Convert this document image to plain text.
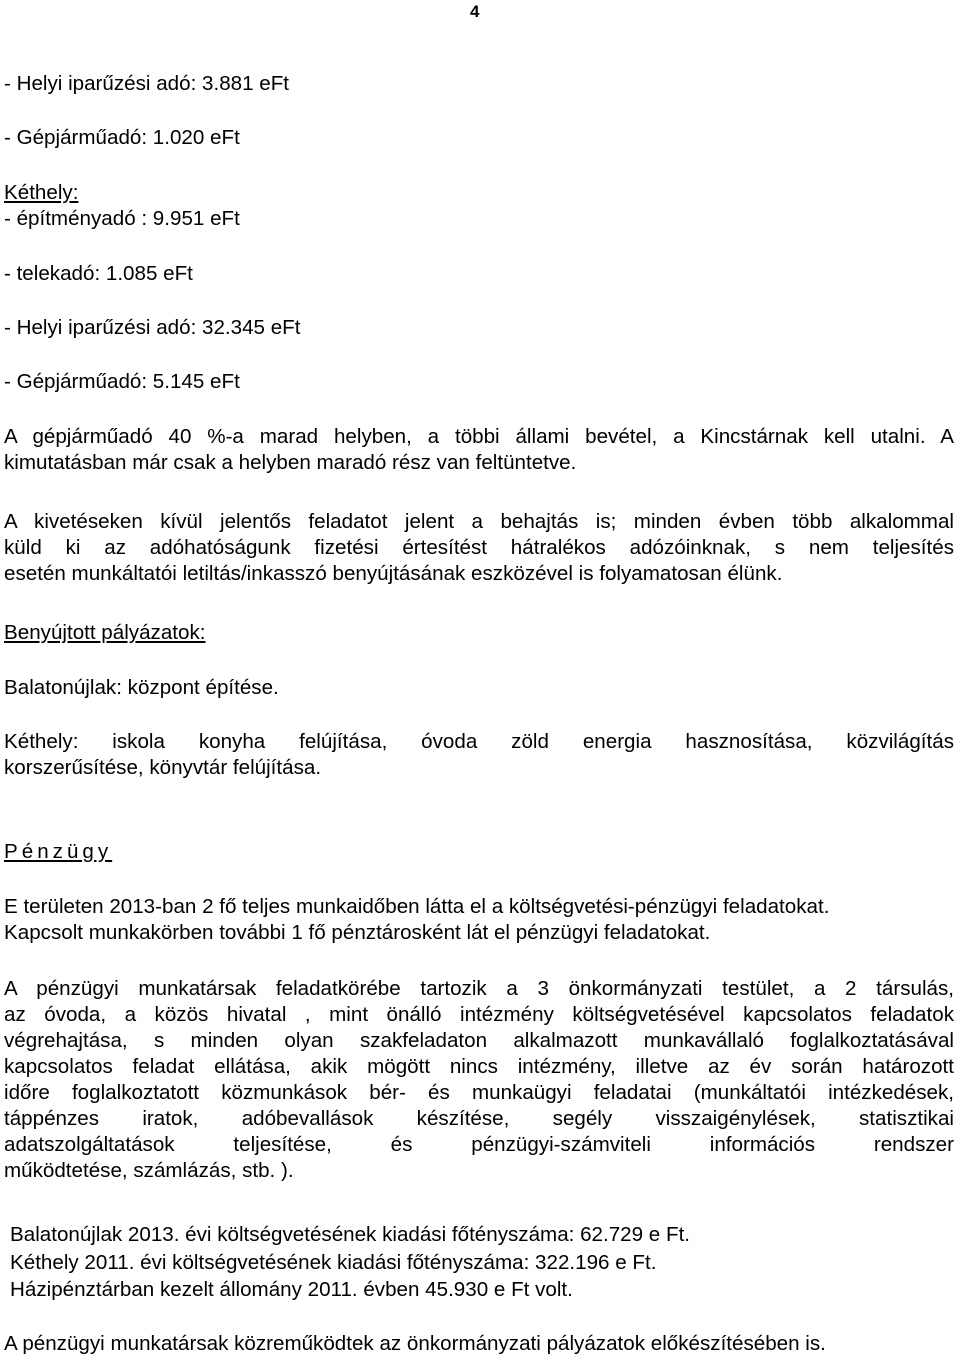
4
- Helyi iparűzési adó: 3.881 eFt
- Gépjárműadó: 1.020 eFt
Kéthely:
- építményadó : 9.951 eFt
- telekadó: 1.085 eFt
- Helyi iparűzési adó: 32.345 eFt
- Gépjárműadó: 5.145 eFt
A gépjárműadó 40 %-a marad helyben, a többi állami bevétel, a Kincstárnak kell utalni. A
kimutatásban már csak a helyben maradó rész van feltüntetve.
A kivetéseken kívül jelentős feladatot jelent a behajtás is; minden évben több alkalommal
küld ki az adóhatóságunk fizetési értesítést hátralékos adózóinknak, s nem teljesítés
esetén munkáltatói letiltás/inkasszó benyújtásának eszközével is folyamatosan élünk.
Benyújtott pályázatok:
Balatonújlak: központ építése.
Kéthely: iskola konyha felújítása, óvoda zöld energia hasznosítása, közvilágítás
korszerűsítése, könyvtár felújítása.
Pénzügy
E területen 2013-ban 2 fő teljes munkaidőben látta el a költségvetési-pénzügyi feladatokat.
Kapcsolt munkakörben további 1 fő pénztárosként lát el pénzügyi feladatokat.
A pénzügyi munkatársak feladatkörébe tartozik a 3 önkormányzati testület, a 2 társulás,
az óvoda, a közös hivatal , mint önálló intézmény költségvetésével kapcsolatos feladatok
végrehajtása, s minden olyan szakfeladaton alkalmazott munkavállaló foglalkoztatásával
kapcsolatos feladat ellátása, akik mögött nincs intézmény, illetve az év során határozott
időre foglalkoztatott közmunkások bér- és munkaügyi feladatai (munkáltatói intézkedések,
táppénzes iratok, adóbevallások készítése, segély visszaigénylések, statisztikai
adatszolgáltatások teljesítése, és pénzügyi-számviteli információs rendszer
működtetése, számlázás, stb. ).
Balatonújlak 2013. évi költségvetésének kiadási főtényszáma: 62.729 e Ft.
Kéthely 2011. évi költségvetésének kiadási főtényszáma: 322.196 e Ft.
Házipénztárban kezelt állomány 2011. évben 45.930 e Ft volt.
A pénzügyi munkatársak közreműködtek az önkormányzati pályázatok előkészítésében is.
